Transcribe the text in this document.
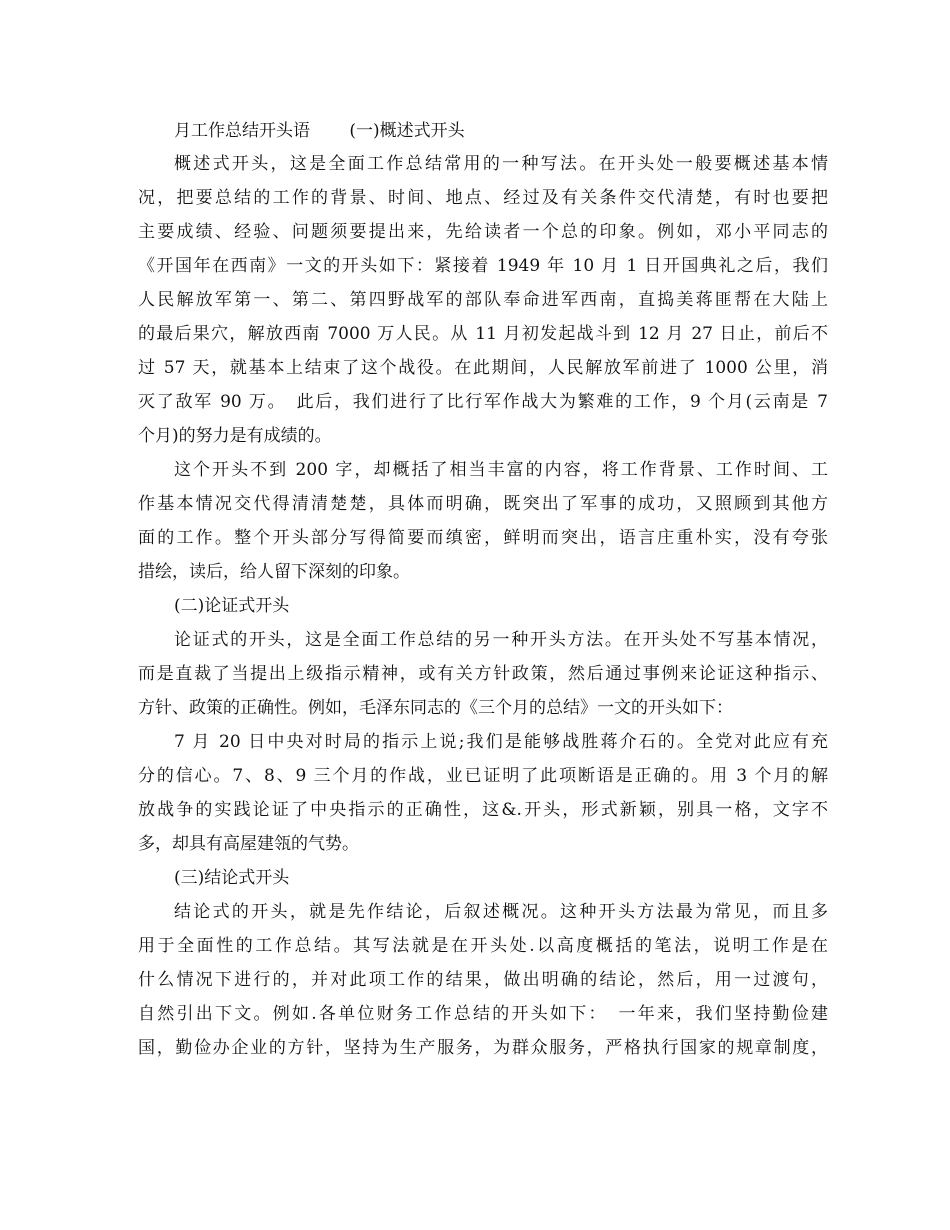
月工作总结开头语　　 (一)概述式开头
概述式开头，这是全面工作总结常用的一种写法。在开头处一般要概述基本情
况，把要总结的工作的背景、时间、地点、经过及有关条件交代清楚，有时也要把
主要成绩、经验、问题须要提出来，先给读者一个总的印象。例如，邓小平同志的
《开国年在西南》一文的开头如下：紧接着 1949 年 10 月 1 日开国典礼之后，我们
人民解放军第一、第二、第四野战军的部队奉命进军西南，直捣美蒋匪帮在大陆上
的最后果穴，解放西南 7000 万人民。从 11 月初发起战斗到 12 月 27 日止，前后不
过 57 天，就基本上结束了这个战役。在此期间，人民解放军前进了 1000 公里，消
灭了敌军 90 万。　此后，我们进行了比行军作战大为繁难的工作，9 个月(云南是 7
个月)的努力是有成绩的。
这个开头不到 200 字，却概括了相当丰富的内容，将工作背景、工作时间、工
作基本情况交代得清清楚楚，具体而明确，既突出了军事的成功，又照顾到其他方
面的工作。整个开头部分写得简要而缜密，鲜明而突出，语言庄重朴实，没有夸张
措绘，读后，给人留下深刻的印象。
(二)论证式开头
论证式的开头，这是全面工作总结的另一种开头方法。在开头处不写基本情况，
而是直裁了当提出上级指示精神，或有关方针政策，然后通过事例来论证这种指示、
方针、政策的正确性。例如，毛泽东同志的《三个月的总结》一文的开头如下：
7 月 20 日中央对时局的指示上说;我们是能够战胜蒋介石的。全党对此应有充
分的信心。7、8、9 三个月的作战，业已证明了此项断语是正确的。用 3 个月的解
放战争的实践论证了中央指示的正确性，这&.开头，形式新颖，别具一格，文字不
多，却具有高屋建瓴的气势。
(三)结论式开头
结论式的开头，就是先作结论，后叙述概况。这种开头方法最为常见，而且多
用于全面性的工作总结。其写法就是在开头处.以高度概括的笔法，说明工作是在
什么情况下进行的，并对此项工作的结果，做出明确的结论，然后，用一过渡句，
自然引出下文。例如.各单位财务工作总结的开头如下：　一年来，我们坚持勤俭建
国，勤俭办企业的方针，坚持为生产服务，为群众服务，严格执行国家的规章制度，
